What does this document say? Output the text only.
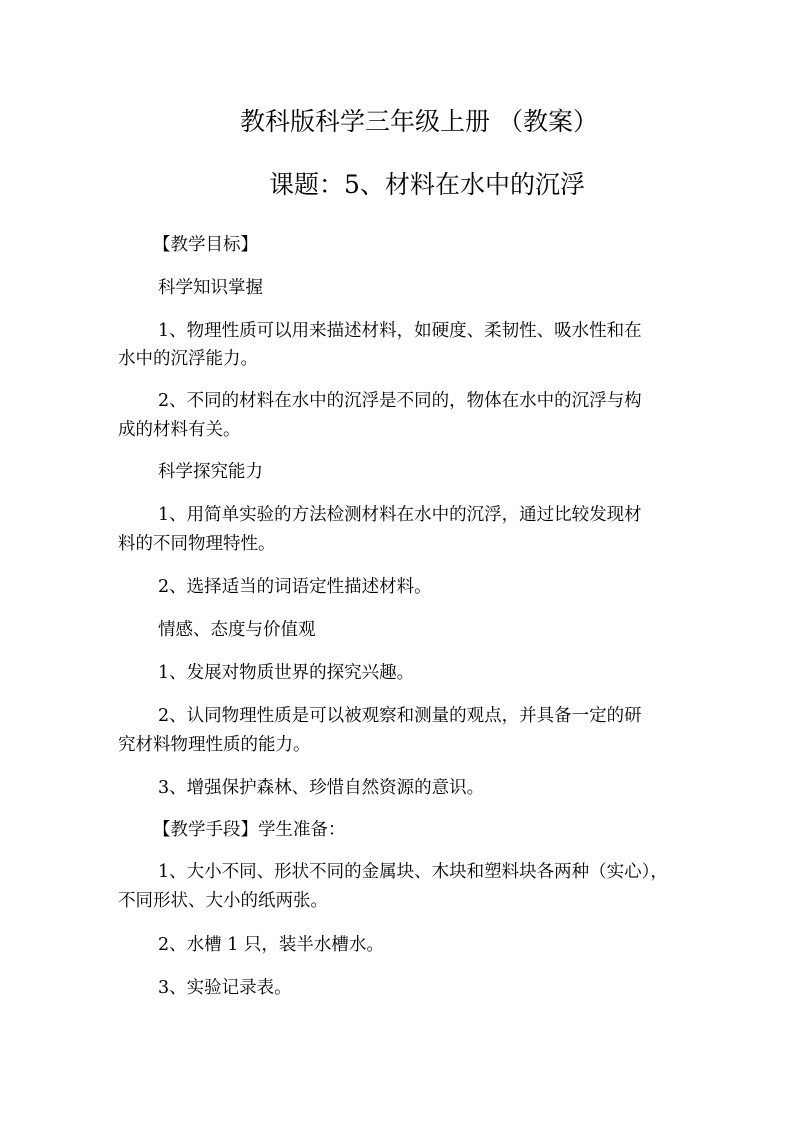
教科版科学三年级上册 （教案）
课题：5、材料在水中的沉浮
【教学目标】
科学知识掌握
1、物理性质可以用来描述材料，如硬度、柔韧性、吸水性和在
水中的沉浮能力。
2、不同的材料在水中的沉浮是不同的，物体在水中的沉浮与构
成的材料有关。
科学探究能力
1、用简单实验的方法检测材料在水中的沉浮，通过比较发现材
料的不同物理特性。
2、选择适当的词语定性描述材料。
情感、态度与价值观
1、发展对物质世界的探究兴趣。
2、认同物理性质是可以被观察和测量的观点，并具备一定的研
究材料物理性质的能力。
3、增强保护森林、珍惜自然资源的意识。
【教学手段】学生准备：
1、大小不同、形状不同的金属块、木块和塑料块各两种（实心），
不同形状、大小的纸两张。
2、水槽 1 只，装半水槽水。
3、实验记录表。
